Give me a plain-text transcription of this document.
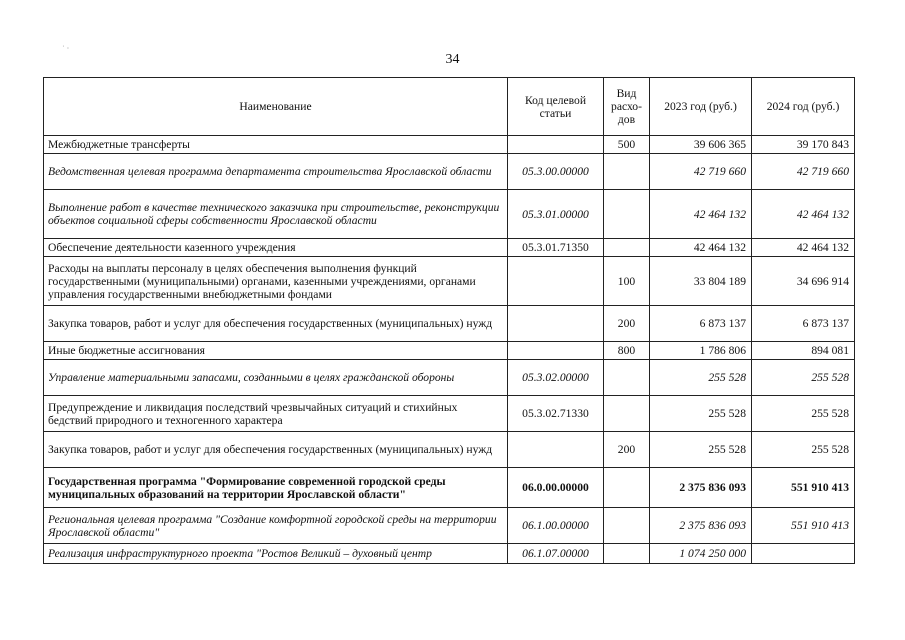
˙ ·
34
Наименование	Код целевой статьи	Вид расхо-дов	2023 год (руб.)	2024 год (руб.)
Межбюджетные трансферты		500	39 606 365	39 170 843
Ведомственная целевая программа департамента строительства Ярославской области	05.3.00.00000		42 719 660	42 719 660
Выполнение работ в качестве технического заказчика при строительстве, реконструкции объектов социальной сферы собственности Ярославской области	05.3.01.00000		42 464 132	42 464 132
Обеспечение деятельности казенного учреждения	05.3.01.71350		42 464 132	42 464 132
Расходы на выплаты персоналу в целях обеспечения выполнения функций государственными (муниципальными) органами, казенными учреждениями, органами управления государственными внебюджетными фондами		100	33 804 189	34 696 914
Закупка товаров, работ и услуг для обеспечения государственных (муниципальных) нужд		200	6 873 137	6 873 137
Иные бюджетные ассигнования		800	1 786 806	894 081
Управление материальными запасами, созданными в целях гражданской обороны	05.3.02.00000		255 528	255 528
Предупреждение и ликвидация последствий чрезвычайных ситуаций и стихийных бедствий природного и техногенного характера	05.3.02.71330		255 528	255 528
Закупка товаров, работ и услуг для обеспечения государственных (муниципальных) нужд		200	255 528	255 528
Государственная программа "Формирование современной городской среды муниципальных образований на территории Ярославской области"	06.0.00.00000		2 375 836 093	551 910 413
Региональная целевая программа "Создание комфортной городской среды на территории Ярославской области"	06.1.00.00000		2 375 836 093	551 910 413
Реализация инфраструктурного проекта "Ростов Великий – духовный центр	06.1.07.00000		1 074 250 000	
